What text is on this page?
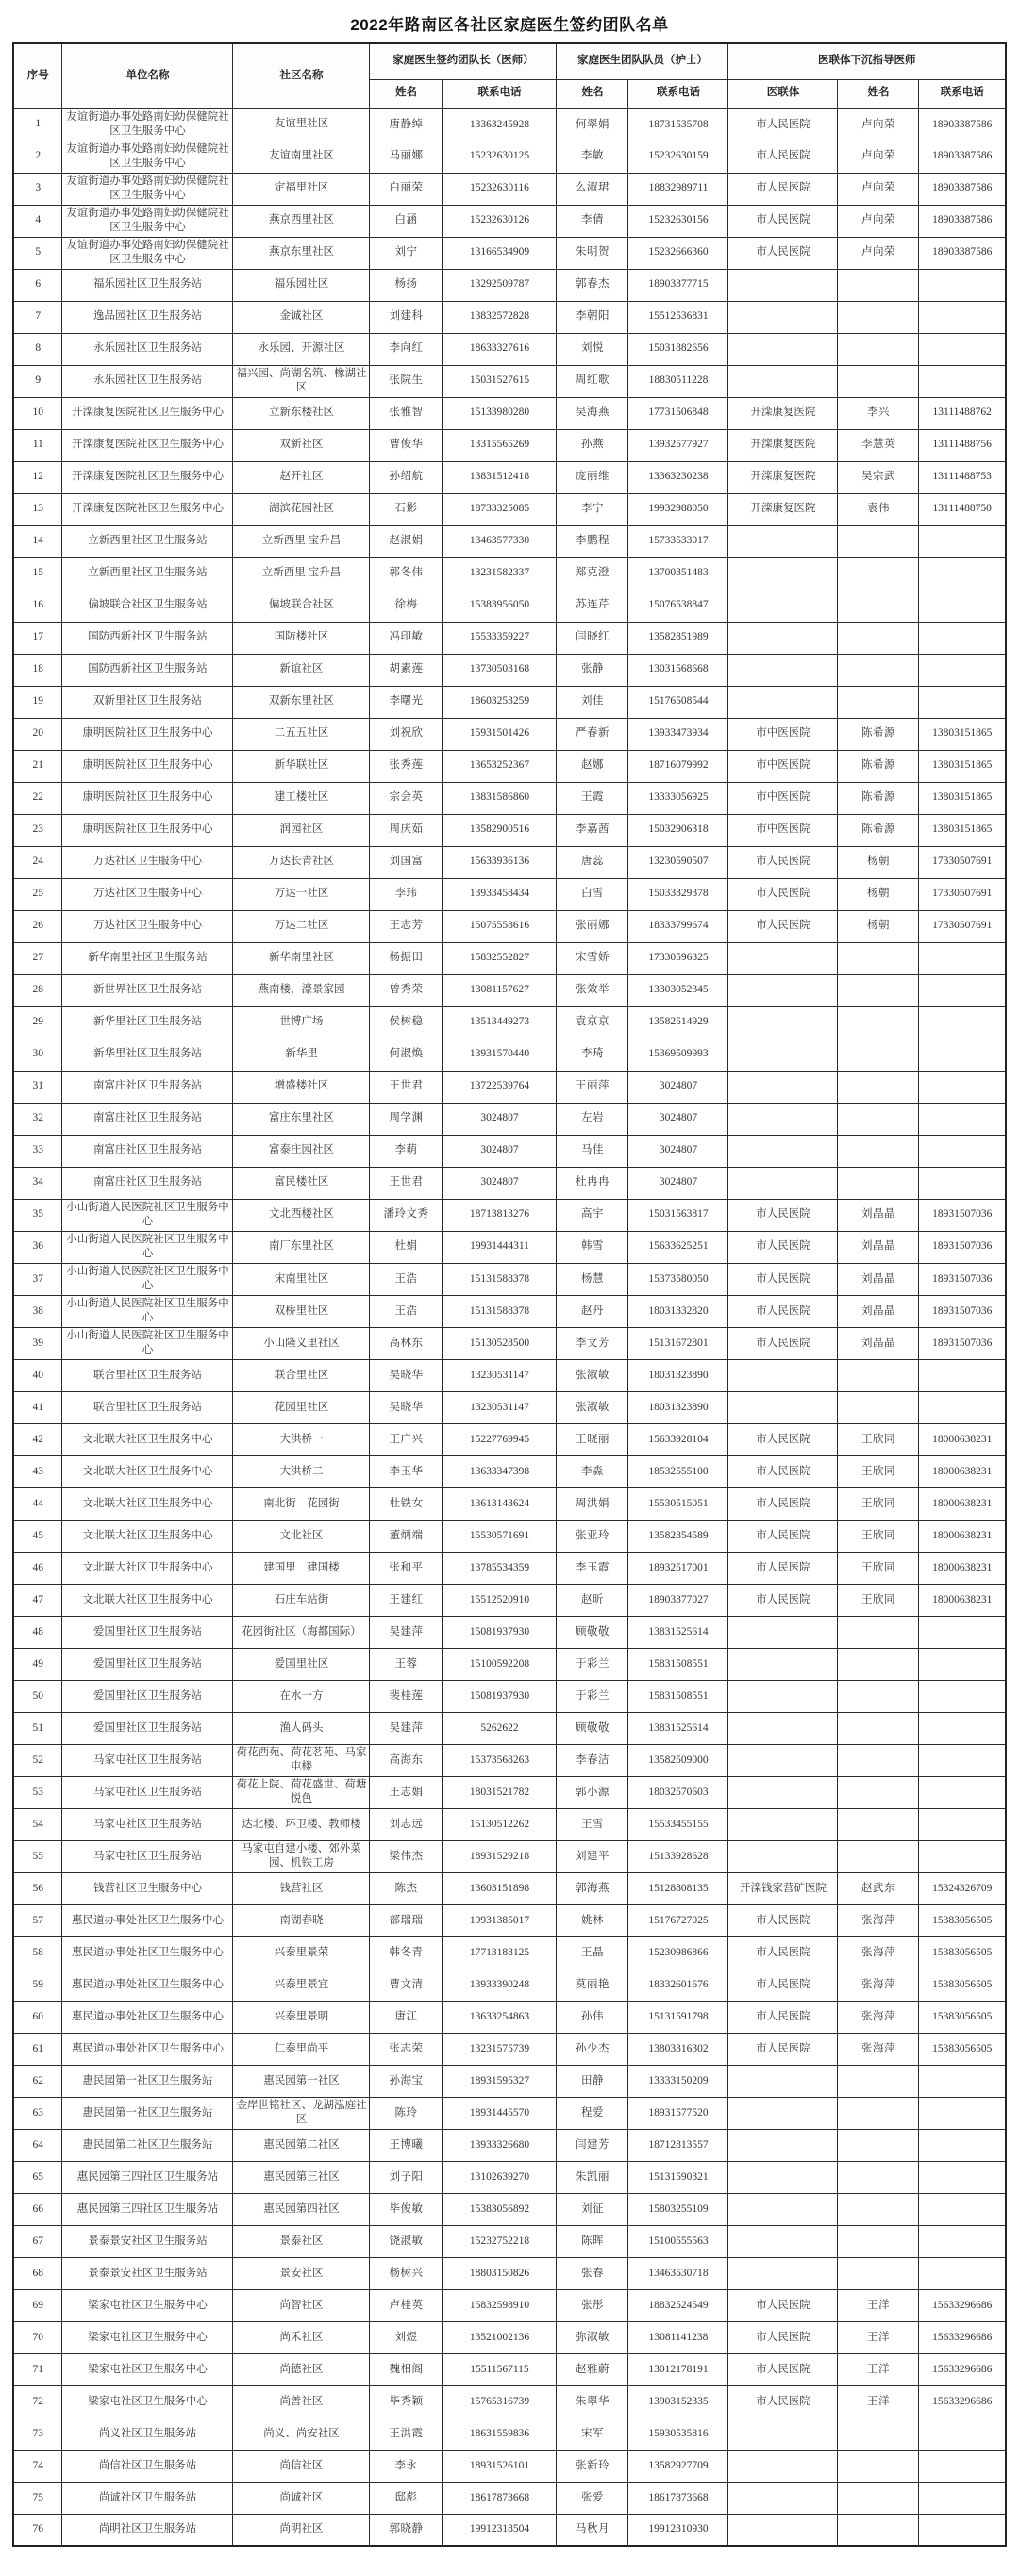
2022年路南区各社区家庭医生签约团队名单
序号	单位名称	社区名称	家庭医生签约团队长（医师）		家庭医生团队队员（护士）		医联体下沉指导医师		
			姓名	联系电话	姓名	联系电话	医联体	姓名	联系电话
1	友谊街道办事处路南妇幼保健院社区卫生服务中心	友谊里社区	唐静绰	13363245928	何翠娟	18731535708	市人民医院	卢向荣	18903387586
2	友谊街道办事处路南妇幼保健院社区卫生服务中心	友谊南里社区	马丽娜	15232630125	李敏	15232630159	市人民医院	卢向荣	18903387586
3	友谊街道办事处路南妇幼保健院社区卫生服务中心	定福里社区	白丽荣	15232630116	么淑珺	18832989711	市人民医院	卢向荣	18903387586
4	友谊街道办事处路南妇幼保健院社区卫生服务中心	燕京西里社区	白涵	15232630126	李倩	15232630156	市人民医院	卢向荣	18903387586
5	友谊街道办事处路南妇幼保健院社区卫生服务中心	燕京东里社区	刘宁	13166534909	朱明贺	15232666360	市人民医院	卢向荣	18903387586
6	福乐园社区卫生服务站	福乐园社区	杨扬	13292509787	郭春杰	18903377715			
7	逸品园社区卫生服务站	金诚社区	刘建科	13832572828	李朝阳	15512536831			
8	永乐园社区卫生服务站	永乐园、开源社区	李向红	18633327616	刘悦	15031882656			
9	永乐园社区卫生服务站	福兴园、尚湖名筑、橡湖社区	张院生	15031527615	周红歌	18830511228			
10	开滦康复医院社区卫生服务中心	立新东楼社区	张雅智	15133980280	吴海燕	17731506848	开滦康复医院	李兴	13111488762
11	开滦康复医院社区卫生服务中心	双新社区	曹俊华	13315565269	孙燕	13932577927	开滦康复医院	李慧英	13111488756
12	开滦康复医院社区卫生服务中心	赵开社区	孙绍航	13831512418	庞丽维	13363230238	开滦康复医院	吴宗武	13111488753
13	开滦康复医院社区卫生服务中心	湖滨花园社区	石影	18733325085	李宁	19932988050	开滦康复医院	袁伟	13111488750
14	立新西里社区卫生服务站	立新西里 宝升昌	赵淑娟	13463577330	李鹏程	15733533017			
15	立新西里社区卫生服务站	立新西里 宝升昌	郭冬伟	13231582337	郑克澄	13700351483			
16	偏坡联合社区卫生服务站	偏坡联合社区	徐梅	15383956050	苏连芹	15076538847			
17	国防西新社区卫生服务站	国防楼社区	冯印敏	15533359227	闫晓红	13582851989			
18	国防西新社区卫生服务站	新谊社区	胡素莲	13730503168	张静	13031568668			
19	双新里社区卫生服务站	双新东里社区	李曙光	18603253259	刘佳	15176508544			
20	康明医院社区卫生服务中心	二五五社区	刘祝欣	15931501426	严春新	13933473934	市中医医院	陈希源	13803151865
21	康明医院社区卫生服务中心	新华联社区	张秀莲	13653252367	赵娜	18716079992	市中医医院	陈希源	13803151865
22	康明医院社区卫生服务中心	建工楼社区	宗会英	13831586860	王霞	13333056925	市中医医院	陈希源	13803151865
23	康明医院社区卫生服务中心	润园社区	周庆茹	13582900516	李嘉茜	15032906318	市中医医院	陈希源	13803151865
24	万达社区卫生服务中心	万达长青社区	刘国富	15633936136	唐蕊	13230590507	市人民医院	杨朝	17330507691
25	万达社区卫生服务中心	万达一社区	李玮	13933458434	白雪	15033329378	市人民医院	杨朝	17330507691
26	万达社区卫生服务中心	万达二社区	王志芳	15075558616	张丽娜	18333799674	市人民医院	杨朝	17330507691
27	新华南里社区卫生服务站	新华南里社区	杨振田	15832552827	宋雪娇	17330596325			
28	新世界社区卫生服务站	燕南楼，濠景家园	曾秀荣	13081157627	张效举	13303052345			
29	新华里社区卫生服务站	世博广场	侯树稳	13513449273	袁京京	13582514929			
30	新华里社区卫生服务站	新华里	何淑焕	13931570440	李琦	15369509993			
31	南富庄社区卫生服务站	增盛楼社区	王世君	13722539764	王丽萍	3024807			
32	南富庄社区卫生服务站	富庄东里社区	周学渊	3024807	左岩	3024807			
33	南富庄社区卫生服务站	富泰庄园社区	李萌	3024807	马佳	3024807			
34	南富庄社区卫生服务站	富民楼社区	王世君	3024807	杜冉冉	3024807			
35	小山街道人民医院社区卫生服务中心	文北西楼社区	潘玲文秀	18713813276	高宇	15031563817	市人民医院	刘晶晶	18931507036
36	小山街道人民医院社区卫生服务中心	南厂东里社区	杜娟	19931444311	韩雪	15633625251	市人民医院	刘晶晶	18931507036
37	小山街道人民医院社区卫生服务中心	宋南里社区	王浩	15131588378	杨慧	15373580050	市人民医院	刘晶晶	18931507036
38	小山街道人民医院社区卫生服务中心	双桥里社区	王浩	15131588378	赵丹	18031332820	市人民医院	刘晶晶	18931507036
39	小山街道人民医院社区卫生服务中心	小山隆义里社区	高林东	15130528500	李文芳	15131672801	市人民医院	刘晶晶	18931507036
40	联合里社区卫生服务站	联合里社区	吴晓华	13230531147	张淑敏	18031323890			
41	联合里社区卫生服务站	花园里社区	吴晓华	13230531147	张淑敏	18031323890			
42	文北联大社区卫生服务中心	大洪桥一	王广兴	15227769945	王晓丽	15633928104	市人民医院	王欣同	18000638231
43	文北联大社区卫生服务中心	大洪桥二	李玉华	13633347398	李淼	18532555100	市人民医院	王欣同	18000638231
44	文北联大社区卫生服务中心	南北街　花园街	杜铁女	13613143624	周洪娟	15530515051	市人民医院	王欣同	18000638231
45	文北联大社区卫生服务中心	文北社区	董炳端	15530571691	张亚玲	13582854589	市人民医院	王欣同	18000638231
46	文北联大社区卫生服务中心	建国里　建国楼	张和平	13785534359	李玉霞	18932517001	市人民医院	王欣同	18000638231
47	文北联大社区卫生服务中心	石庄车站街	王建红	15512520910	赵昕	18903377027	市人民医院	王欣同	18000638231
48	爱国里社区卫生服务站	花园街社区（海都国际）	吴建萍	15081937930	顾敬敬	13831525614			
49	爱国里社区卫生服务站	爱国里社区	王蓉	15100592208	于彩兰	15831508551			
50	爱国里社区卫生服务站	在水一方	裴桂莲	15081937930	于彩兰	15831508551			
51	爱国里社区卫生服务站	渔人码头	吴建萍	5262622	顾敬敬	13831525614			
52	马家屯社区卫生服务站	荷花西苑、荷花茗苑、马家屯楼	高海东	15373568263	李春洁	13582509000			
53	马家屯社区卫生服务站	荷花上院、荷花盛世、荷塘悦色	王志娟	18031521782	郭小源	18032570603			
54	马家屯社区卫生服务站	达北楼、环卫楼、教师楼	刘志远	15130512262	王雪	15533455155			
55	马家屯社区卫生服务站	马家屯自建小楼、郊外菜园、机铁工房	梁伟杰	18931529218	刘建平	15133928628			
56	钱营社区卫生服务中心	钱营社区	陈杰	13603151898	郭海燕	15128808135	开滦钱家营矿医院	赵武东	15324326709
57	惠民道办事处社区卫生服务中心	南湖春晓	部瑞瑞	19931385017	姚林	15176727025	市人民医院	张海萍	15383056505
58	惠民道办事处社区卫生服务中心	兴泰里景荣	韩冬青	17713188125	王晶	15230986866	市人民医院	张海萍	15383056505
59	惠民道办事处社区卫生服务中心	兴泰里景宜	曹文清	13933390248	莫丽艳	18332601676	市人民医院	张海萍	15383056505
60	惠民道办事处社区卫生服务中心	兴泰里景明	唐江	13633254863	孙伟	15131591798	市人民医院	张海萍	15383056505
61	惠民道办事处社区卫生服务中心	仁泰里尚平	张志荣	13231575739	孙少杰	13803316302	市人民医院	张海萍	15383056505
62	惠民园第一社区卫生服务站	惠民园第一社区	孙海宝	18931595327	田静	13333150209			
63	惠民园第一社区卫生服务站	金岸世铭社区、龙湖泓庭社区	陈玲	18931445570	程爱	18931577520			
64	惠民园第二社区卫生服务站	惠民园第二社区	王博曦	13933326680	闫建芳	18712813557			
65	惠民园第三四社区卫生服务站	惠民园第三社区	刘子阳	13102639270	朱凯丽	15131590321			
66	惠民园第三四社区卫生服务站	惠民园第四社区	毕俊敏	15383056892	刘征	15803255109			
67	景泰景安社区卫生服务站	景泰社区	饶淑敏	15232752218	陈晖	15100555563			
68	景泰景安社区卫生服务站	景安社区	杨树兴	18803150826	张春	13463530718			
69	梁家屯社区卫生服务中心	尚智社区	卢桂英	15832598910	张彤	18832524549	市人民医院	王洋	15633296686
70	梁家屯社区卫生服务中心	尚禾社区	刘煜	13521002136	弥淑敏	13081141238	市人民医院	王洋	15633296686
71	梁家屯社区卫生服务中心	尚德社区	魏相阁	15511567115	赵雅蔚	13012178191	市人民医院	王洋	15633296686
72	梁家屯社区卫生服务中心	尚善社区	毕秀颖	15765316739	朱翠华	13903152335	市人民医院	王洋	15633296686
73	尚义社区卫生服务站	尚义、尚安社区	王洪霞	18631559836	宋军	15930535816			
74	尚信社区卫生服务站	尚信社区	李永	18931526101	张新玲	13582927709			
75	尚诚社区卫生服务站	尚诚社区	邸彪	18617873668	张爱	18617873668			
76	尚明社区卫生服务站	尚明社区	郭晓静	19912318504	马秋月	19912310930			
